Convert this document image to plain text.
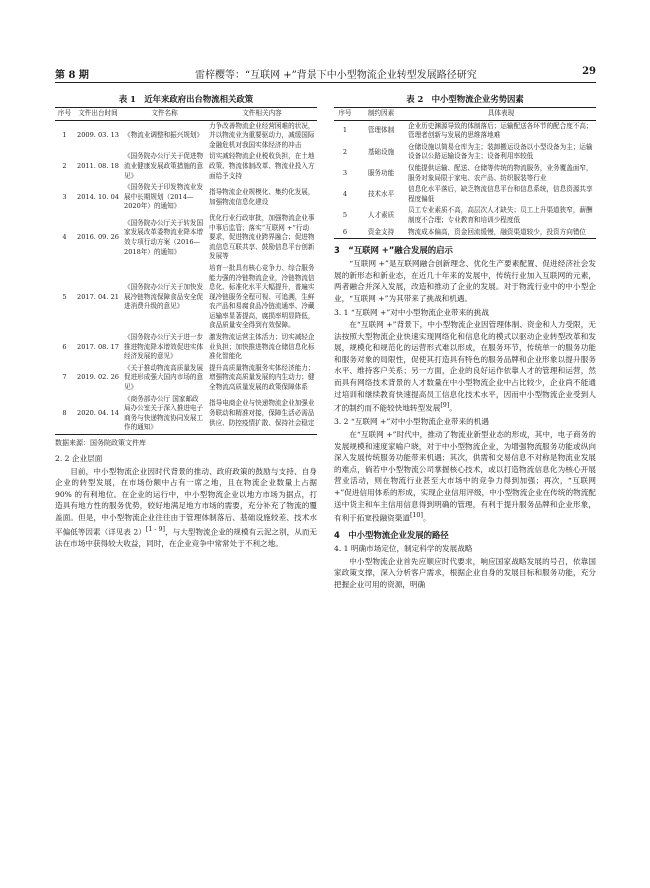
第 8 期	雷梓樱等：“互联网 +”背景下中小型物流企业转型发展路径研究	29
表 1　近年来政府出台物流相关政策
序号	文件出台时间	文件名称	文件相关内容
1	2009. 03. 13	《物流业调整和振兴规划》	力争改善物流企业经营困难的状况，并以物流业为重要驱动力，减缓国际金融危机对我国实体经济的冲击
2	2011. 08. 18	《国务院办公厅关于促进物流业健康发展政策措施的意见》	切实减轻物流企业税收负担，在土地政策、物流体制改革、物流业投入方面给予支持
3	2014. 10. 04	《国务院关于印发物流业发展中长期规划（2014—2020年）的通知》	指导物流企业规模化、集约化发展，加强物流信息化建设
4	2016. 09. 26	《国务院办公厅关于转发国家发展改革委物流业降本增效专项行动方案（2016—2018年）的通知》	优化行业行政审批，加强物流企业事中事后监管；落实“互联网 +”行动要求，促进物流业跨界融合；促进物流信息互联共享、鼓励信息平台创新发展等
5	2017. 04. 21	《国务院办公厅关于加快发展冷链物流保障食品安全促进消费升级的意见》	培育一批具有核心竞争力、综合服务能力强的冷链物流企业，冷链物流信息化、标准化水平大幅提升，普遍实现冷链服务全程可视、可追溯，生鲜农产品和易腐食品冷链流通率、冷藏运输率显著提高，腐损率明显降低，食品质量安全得到有效保障。
6	2017. 08. 17	《国务院办公厅关于进一步推进物流降本增效促进实体经济发展的意见》	激发物流运营主体活力；切实减轻企业负担；加快推进物流仓储信息化标准化智能化
7	2019. 02. 26	《关于推动物流高质量发展促进形成强大国内市场的意见》	提升高质量物流服务实体经济能力；增强物流高质量发展的内生动力；健全物流高质量发展的政策保障体系
8	2020. 04. 14	《商务部办公厅 国家邮政局办公室关于深入推进电子商务与快递物流协同发展工作的通知》	指导电商企业与快递物流企业加强业务联动和精准对接，保障生活必需品供应、防控疫情扩散、保持社会稳定
数据来源：国务院政策文件库
2. 2 企业层面

目前，中小型物流企业因时代背景的推动、政府政策的鼓励与支持、自身企业的转型发展，在市场份额中占有一席之地，且在物流企业数量上占据 90% 的有利地位。在企业的运行中，中小型物流企业以地方市场为据点，打造具有地方性的服务优势，较好地满足地方市场的需要，充分补充了物流的覆盖面。但是，中小型物流企业往往由于管理体制落后、基础设施较差、技术水平偏低等因素（详见表 2）[1 - 9]，与大型物流企业的规模有云泥之别，从而无法在市场中获得较大收益，同时，在企业竞争中常常处于不利之地。

表 2　中小型物流企业劣势因素
序号	制约因素	具体表现
1	管理体制	企业历史渊源导致的体制落后；运输配送各环节的配合度不高；管理者创新与发展的思维落地难
2	基础设施	仓储设施以简易仓库为主；装卸搬运设备以小型设备为主；运输设备以公路运输设备为主；设备利用率较低
3	服务功能	仅能提供运输、配送、仓储等传统的物流服务，业务覆盖面窄，服务对象局限于家电、农产品、纺织服装等行业
4	技术水平	信息化水平落后，缺乏物流信息平台和信息系统，信息资源共享程度偏低
5	人才素质	员工专业素质不高，高层次人才缺失；员工上升渠道狭窄，薪酬制度不合理；专业教育和培训少程度低
6	资金支持	物流成本偏高，资金回流缓慢，融资渠道较少，投资方向错位
3　“互联网 +”融合发展的启示

“互联网 +”是互联网融合创新理念、优化生产要素配置、促进经济社会发展的新形态和新业态，在近几十年来的发展中，传统行业加入互联网的元素，两者融合并深入发展，改造和推动了企业的发展。对于物流行业中的中小型企业，“互联网 +”为其带来了挑战和机遇。

3. 1 “互联网 +”对中小型物流企业带来的挑战

在“互联网 +”背景下，中小型物流企业因管理体制、资金和人力受限，无法按照大型物流企业快速实现网络化和信息化的模式以驱动企业转型改革和发展，规模化和规范化的运营形式难以形成，在服务环节，传统单一的服务功能和服务对象的局限性，促使其打造具有特色的服务品牌和企业形象以提升服务水平、维持客户关系；另一方面，企业的良好运作依靠人才的管理和运营，然而具有网络技术背景的人才数量在中小型物流企业中占比较少，企业尚不能通过培训和继续教育快速提高员工信息化技术水平，因而中小型物流企业受到人才的制约而不能较快地转型发展[9]。

3. 2 “互联网 +”对中小型物流企业带来的机遇

在“互联网 +”时代中，推动了物流业新型业态的形成，其中，电子商务的发展规模和速度家喻户晓，对于中小型物流企业，为增强物流服务功能或纵向深入发展传统服务功能带来机遇；其次，供需和交易信息不对称是物流业发展的难点，倘若中小型物流公司掌握核心技术，或以打造物流信息化为核心开展营业活动，则在物流行业甚至大市场中的竞争力得到加强；再次，“互联网 +”促进信用体系的形成，实现企业信用评级，中小型物流企业在传统的物流配送中货主和车主信用信息得到明确的管理，有利于提升服务品牌和企业形象，有利于拓宽投融资渠道[10]。

4　中小型物流企业发展的路径
4. 1 明确市场定位，制定科学的发展战略

中小型物流企业首先应顺应时代要求，响应国家战略发展的号召，依靠国家政策支撑，深入分析客户需求，根据企业自身的发展目标和服务功能，充分把握企业可用的资源，明确
